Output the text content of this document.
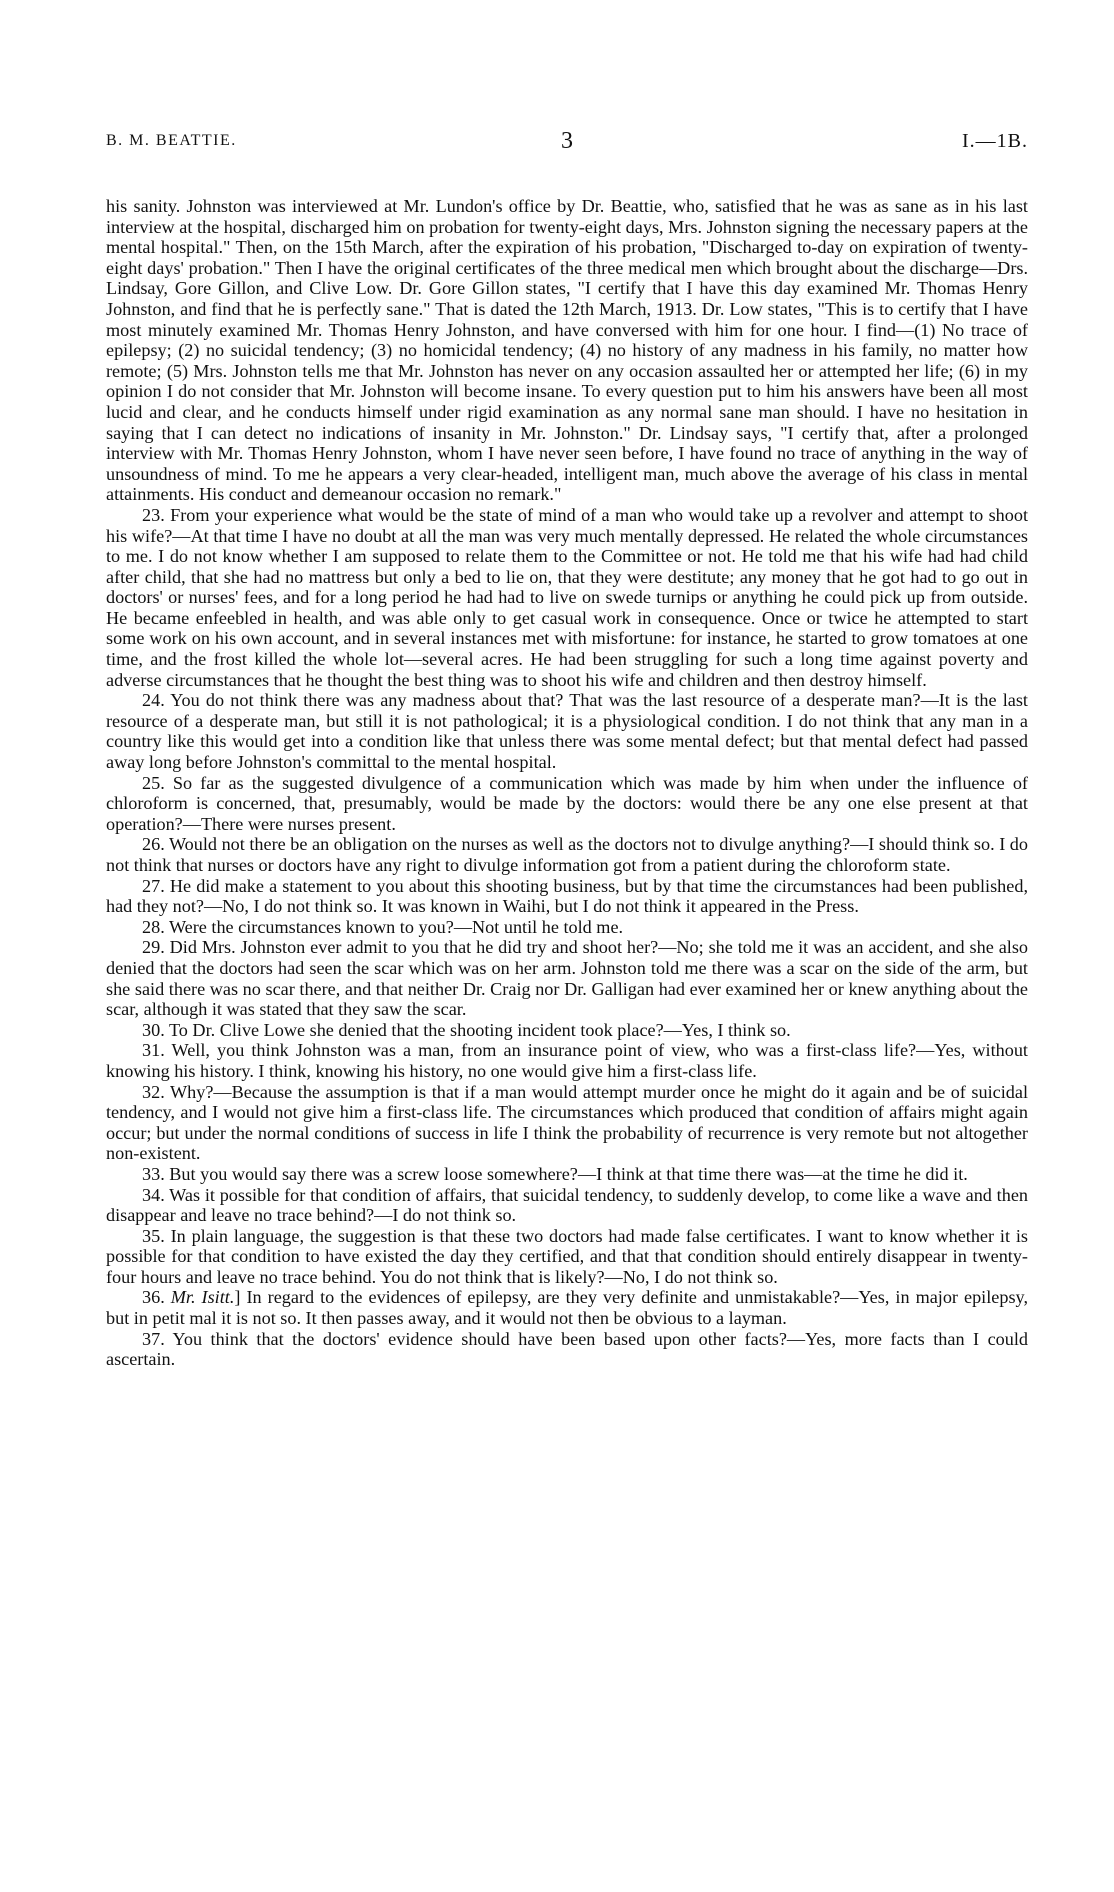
B. M. BEATTIE.	3	I.—1B.

his sanity. Johnston was interviewed at Mr. Lundon's office by Dr. Beattie, who, satisfied that he was as sane as in his last interview at the hospital, discharged him on probation for twenty-eight days, Mrs. Johnston signing the necessary papers at the mental hospital." Then, on the 15th March, after the expiration of his probation, "Discharged to-day on expiration of twenty-eight days' probation." Then I have the original certificates of the three medical men which brought about the discharge—Drs. Lindsay, Gore Gillon, and Clive Low. Dr. Gore Gillon states, "I certify that I have this day examined Mr. Thomas Henry Johnston, and find that he is perfectly sane." That is dated the 12th March, 1913. Dr. Low states, "This is to certify that I have most minutely examined Mr. Thomas Henry Johnston, and have conversed with him for one hour. I find—(1) No trace of epilepsy; (2) no suicidal tendency; (3) no homicidal tendency; (4) no history of any madness in his family, no matter how remote; (5) Mrs. Johnston tells me that Mr. Johnston has never on any occasion assaulted her or attempted her life; (6) in my opinion I do not consider that Mr. Johnston will become insane. To every question put to him his answers have been all most lucid and clear, and he conducts himself under rigid examination as any normal sane man should. I have no hesitation in saying that I can detect no indications of insanity in Mr. Johnston." Dr. Lindsay says, "I certify that, after a prolonged interview with Mr. Thomas Henry Johnston, whom I have never seen before, I have found no trace of anything in the way of unsoundness of mind. To me he appears a very clear-headed, intelligent man, much above the average of his class in mental attainments. His conduct and demeanour occasion no remark."

23. From your experience what would be the state of mind of a man who would take up a revolver and attempt to shoot his wife?—At that time I have no doubt at all the man was very much mentally depressed. He related the whole circumstances to me. I do not know whether I am supposed to relate them to the Committee or not. He told me that his wife had had child after child, that she had no mattress but only a bed to lie on, that they were destitute; any money that he got had to go out in doctors' or nurses' fees, and for a long period he had had to live on swede turnips or anything he could pick up from outside. He became enfeebled in health, and was able only to get casual work in consequence. Once or twice he attempted to start some work on his own account, and in several instances met with misfortune: for instance, he started to grow tomatoes at one time, and the frost killed the whole lot—several acres. He had been struggling for such a long time against poverty and adverse circumstances that he thought the best thing was to shoot his wife and children and then destroy himself.

24. You do not think there was any madness about that? That was the last resource of a desperate man?—It is the last resource of a desperate man, but still it is not pathological; it is a physiological condition. I do not think that any man in a country like this would get into a condition like that unless there was some mental defect; but that mental defect had passed away long before Johnston's committal to the mental hospital.

25. So far as the suggested divulgence of a communication which was made by him when under the influence of chloroform is concerned, that, presumably, would be made by the doctors: would there be any one else present at that operation?—There were nurses present.

26. Would not there be an obligation on the nurses as well as the doctors not to divulge anything?—I should think so. I do not think that nurses or doctors have any right to divulge information got from a patient during the chloroform state.

27. He did make a statement to you about this shooting business, but by that time the circumstances had been published, had they not?—No, I do not think so. It was known in Waihi, but I do not think it appeared in the Press.

28. Were the circumstances known to you?—Not until he told me.

29. Did Mrs. Johnston ever admit to you that he did try and shoot her?—No; she told me it was an accident, and she also denied that the doctors had seen the scar which was on her arm. Johnston told me there was a scar on the side of the arm, but she said there was no scar there, and that neither Dr. Craig nor Dr. Galligan had ever examined her or knew anything about the scar, although it was stated that they saw the scar.

30. To Dr. Clive Lowe she denied that the shooting incident took place?—Yes, I think so.

31. Well, you think Johnston was a man, from an insurance point of view, who was a first-class life?—Yes, without knowing his history. I think, knowing his history, no one would give him a first-class life.

32. Why?—Because the assumption is that if a man would attempt murder once he might do it again and be of suicidal tendency, and I would not give him a first-class life. The circumstances which produced that condition of affairs might again occur; but under the normal conditions of success in life I think the probability of recurrence is very remote but not altogether non-existent.

33. But you would say there was a screw loose somewhere?—I think at that time there was—at the time he did it.

34. Was it possible for that condition of affairs, that suicidal tendency, to suddenly develop, to come like a wave and then disappear and leave no trace behind?—I do not think so.

35. In plain language, the suggestion is that these two doctors had made false certificates. I want to know whether it is possible for that condition to have existed the day they certified, and that that condition should entirely disappear in twenty-four hours and leave no trace behind. You do not think that is likely?—No, I do not think so.

36. Mr. Isitt.] In regard to the evidences of epilepsy, are they very definite and unmistakable?—Yes, in major epilepsy, but in petit mal it is not so. It then passes away, and it would not then be obvious to a layman.

37. You think that the doctors' evidence should have been based upon other facts?—Yes, more facts than I could ascertain.
